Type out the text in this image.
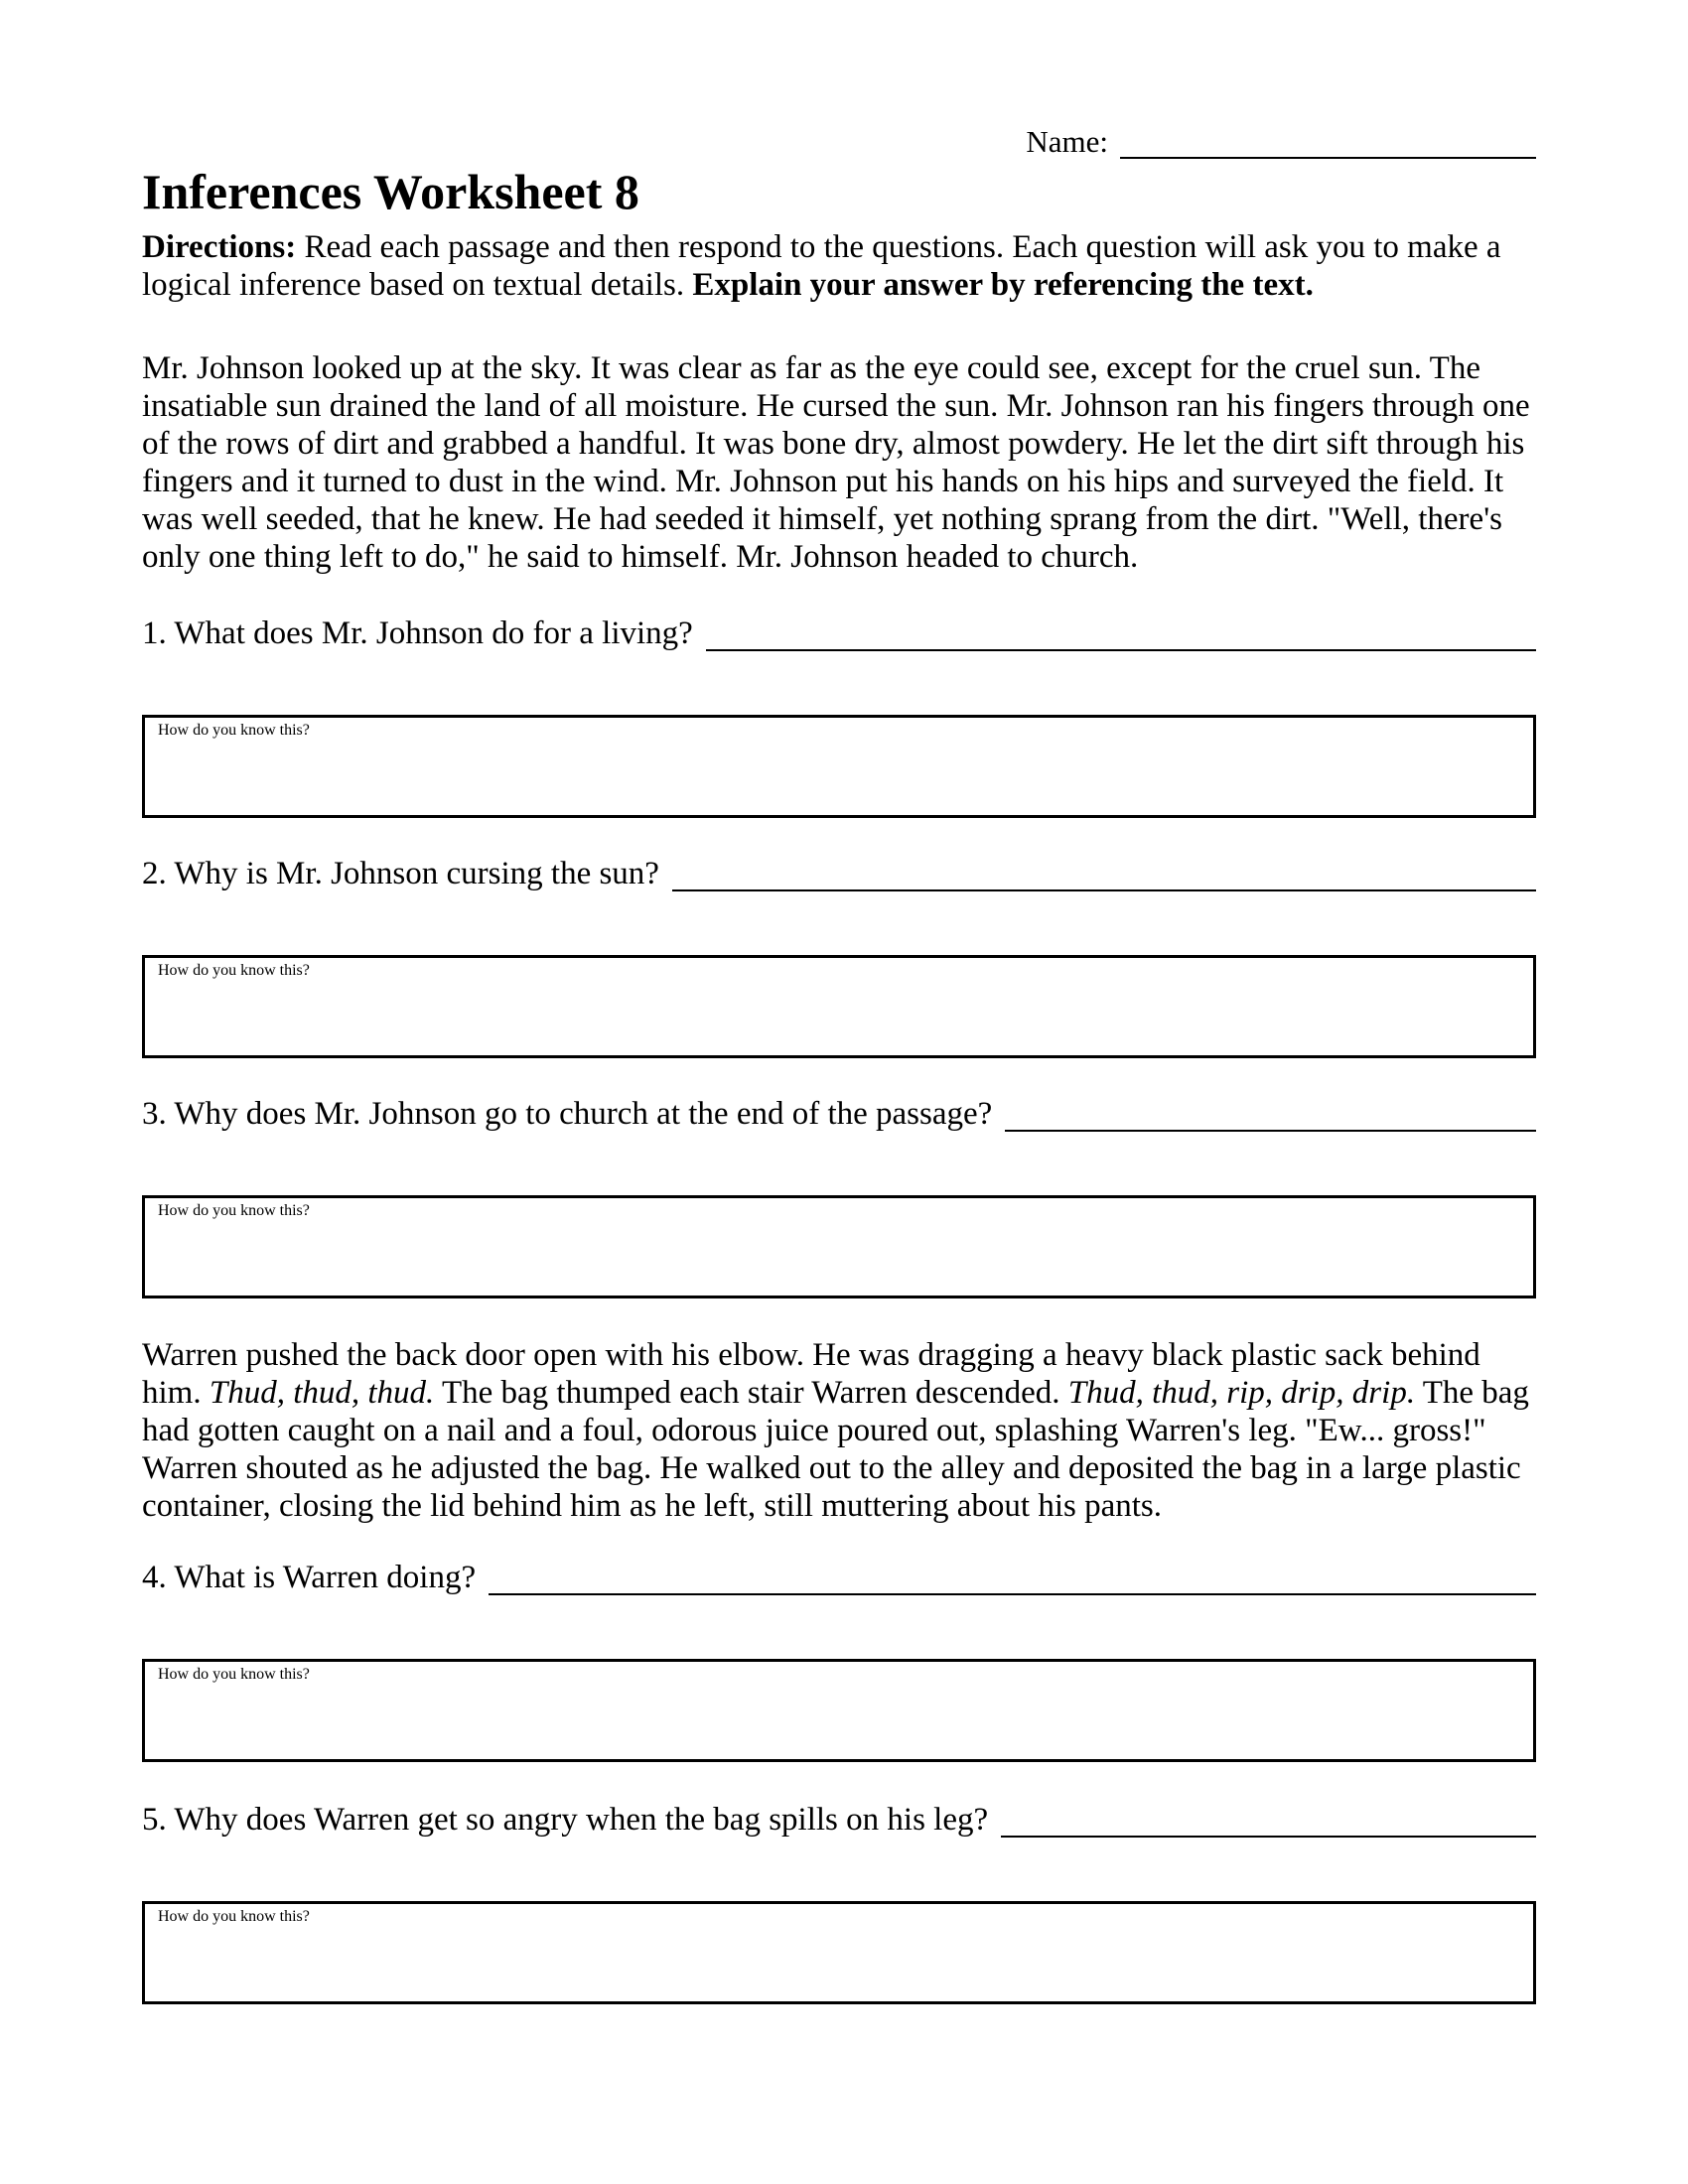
Name:
Inferences Worksheet 8

Directions: Read each passage and then respond to the questions. Each question will ask you to make a logical inference based on textual details. Explain your answer by referencing the text.

Mr. Johnson looked up at the sky. It was clear as far as the eye could see, except for the cruel sun. The insatiable sun drained the land of all moisture. He cursed the sun. Mr. Johnson ran his fingers through one of the rows of dirt and grabbed a handful. It was bone dry, almost powdery. He let the dirt sift through his fingers and it turned to dust in the wind. Mr. Johnson put his hands on his hips and surveyed the field. It was well seeded, that he knew. He had seeded it himself, yet nothing sprang from the dirt. "Well, there's only one thing left to do," he said to himself. Mr. Johnson headed to church.

1. What does Mr. Johnson do for a living?
How do you know this?
2. Why is Mr. Johnson cursing the sun?
How do you know this?
3. Why does Mr. Johnson go to church at the end of the passage?
How do you know this?

Warren pushed the back door open with his elbow. He was dragging a heavy black plastic sack behind him. Thud, thud, thud. The bag thumped each stair Warren descended. Thud, thud, rip, drip, drip. The bag had gotten caught on a nail and a foul, odorous juice poured out, splashing Warren's leg. "Ew... gross!" Warren shouted as he adjusted the bag. He walked out to the alley and deposited the bag in a large plastic container, closing the lid behind him as he left, still muttering about his pants.

4. What is Warren doing?
How do you know this?
5. Why does Warren get so angry when the bag spills on his leg?
How do you know this?
